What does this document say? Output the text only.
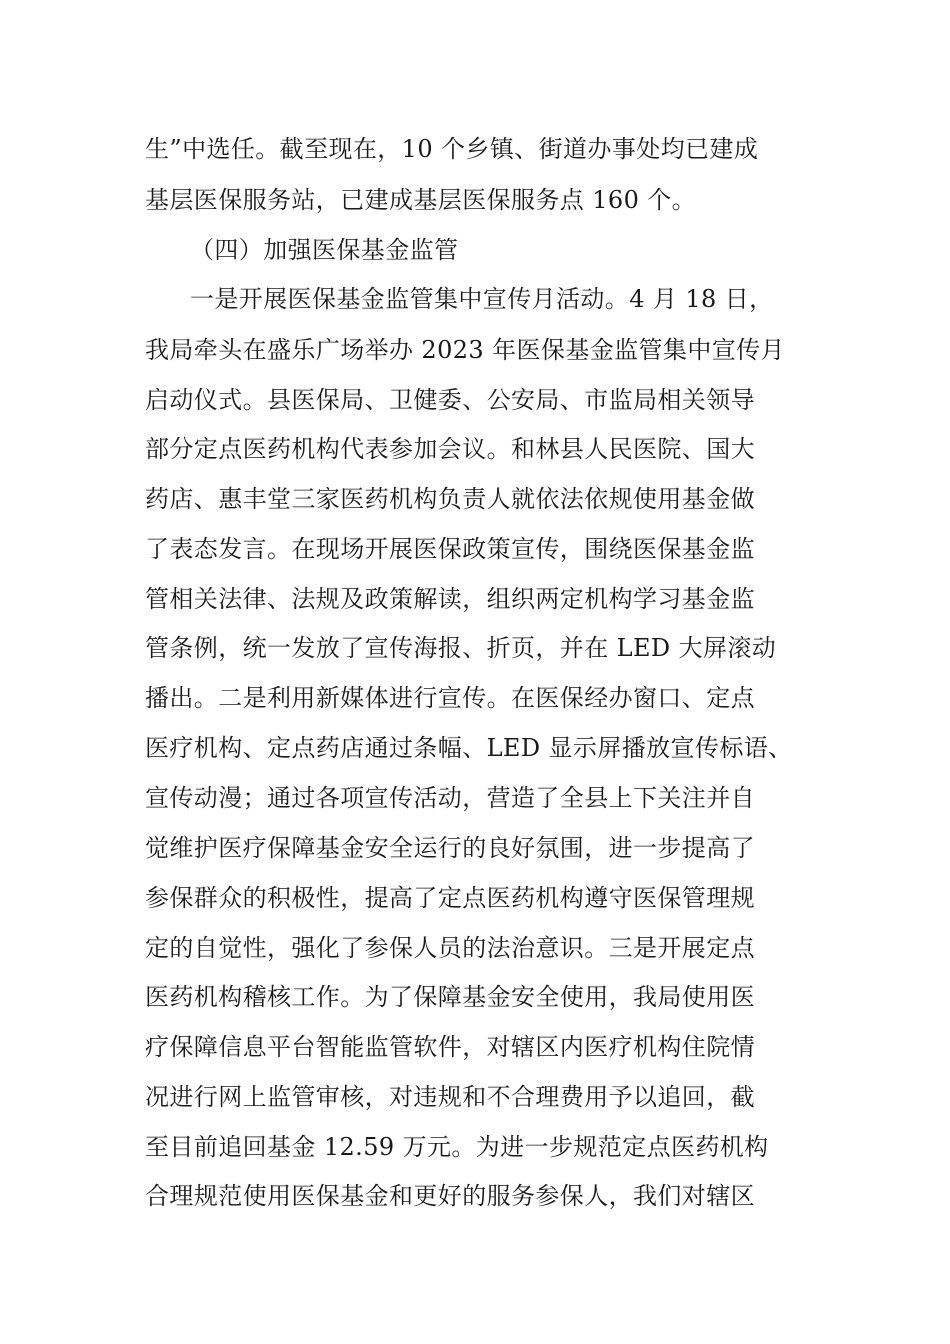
生”中选任。截至现在，10 个乡镇、街道办事处均已建成
基层医保服务站，已建成基层医保服务点 160 个。
（四）加强医保基金监管
一是开展医保基金监管集中宣传月活动。4 月 18 日，
我局牵头在盛乐广场举办 2023 年医保基金监管集中宣传月
启动仪式。县医保局、卫健委、公安局、市监局相关领导
部分定点医药机构代表参加会议。和林县人民医院、国大
药店、惠丰堂三家医药机构负责人就依法依规使用基金做
了表态发言。在现场开展医保政策宣传，围绕医保基金监
管相关法律、法规及政策解读，组织两定机构学习基金监
管条例，统一发放了宣传海报、折页，并在 LED 大屏滚动
播出。二是利用新媒体进行宣传。在医保经办窗口、定点
医疗机构、定点药店通过条幅、LED 显示屏播放宣传标语、
宣传动漫；通过各项宣传活动，营造了全县上下关注并自
觉维护医疗保障基金安全运行的良好氛围，进一步提高了
参保群众的积极性，提高了定点医药机构遵守医保管理规
定的自觉性，强化了参保人员的法治意识。三是开展定点
医药机构稽核工作。为了保障基金安全使用，我局使用医
疗保障信息平台智能监管软件，对辖区内医疗机构住院情
况进行网上监管审核，对违规和不合理费用予以追回，截
至目前追回基金 12.59 万元。为进一步规范定点医药机构
合理规范使用医保基金和更好的服务参保人，我们对辖区
